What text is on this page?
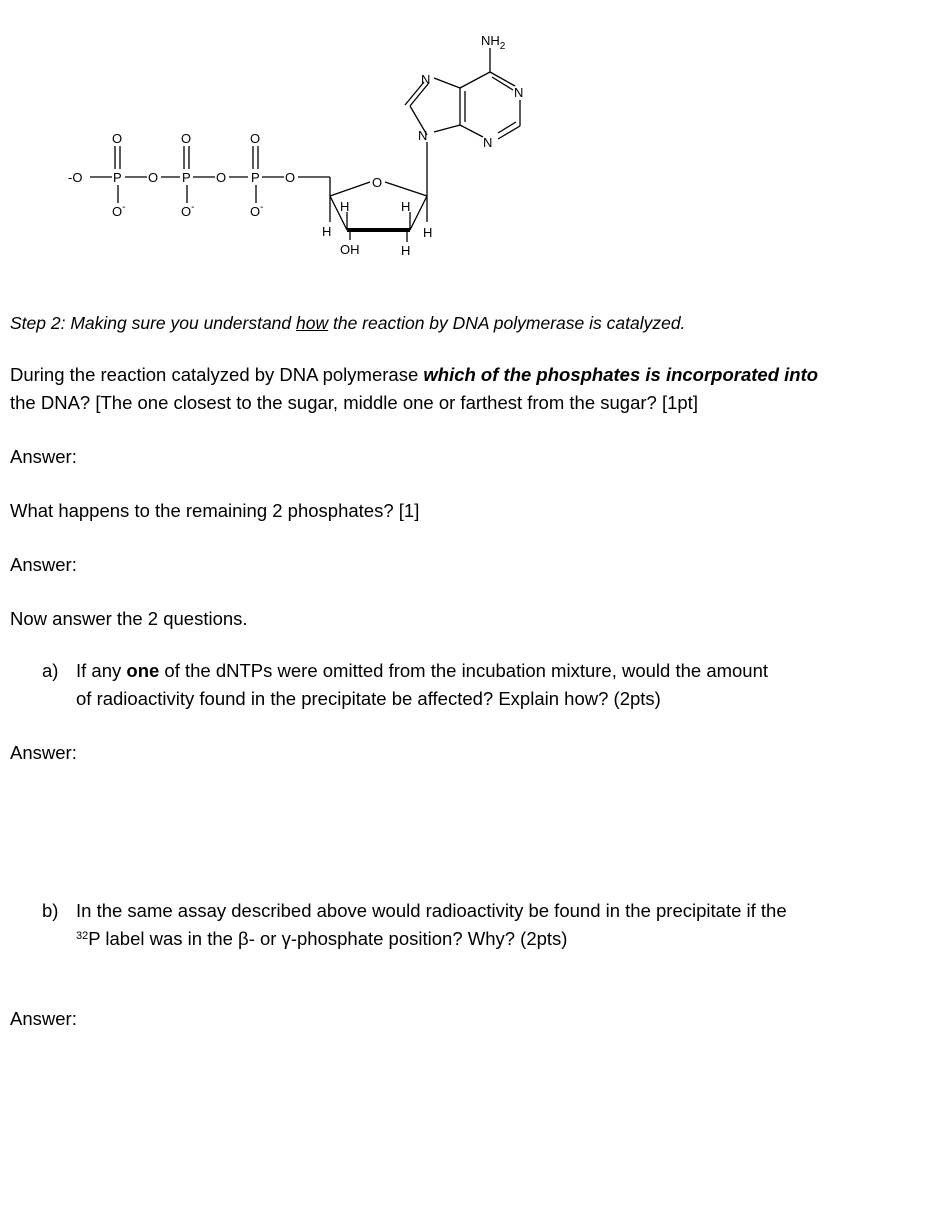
-O P
O
O-
O P
O
O-
O P
O
O-
O	O
H	H
H	H
OH	H
$NH_2$
N
N
N
N

Step 2: Making sure you understand how the reaction by DNA polymerase is catalyzed.

During the reaction catalyzed by DNA polymerase which of the phosphates is incorporated into

the DNA? [The one closest to the sugar, middle one or farthest from the sugar? [1pt]

Answer:

What happens to the remaining 2 phosphates? [1]

Answer:

Now answer the 2 questions.

a) If any one of the dNTPs were omitted from the incubation mixture, would the amount

of radioactivity found in the precipitate be affected? Explain how? (2pts)

Answer:

b) In the same assay described above would radioactivity be found in the precipitate if the

$^{32}$P label was in the β- or γ-phosphate position? Why? (2pts)

Answer:
